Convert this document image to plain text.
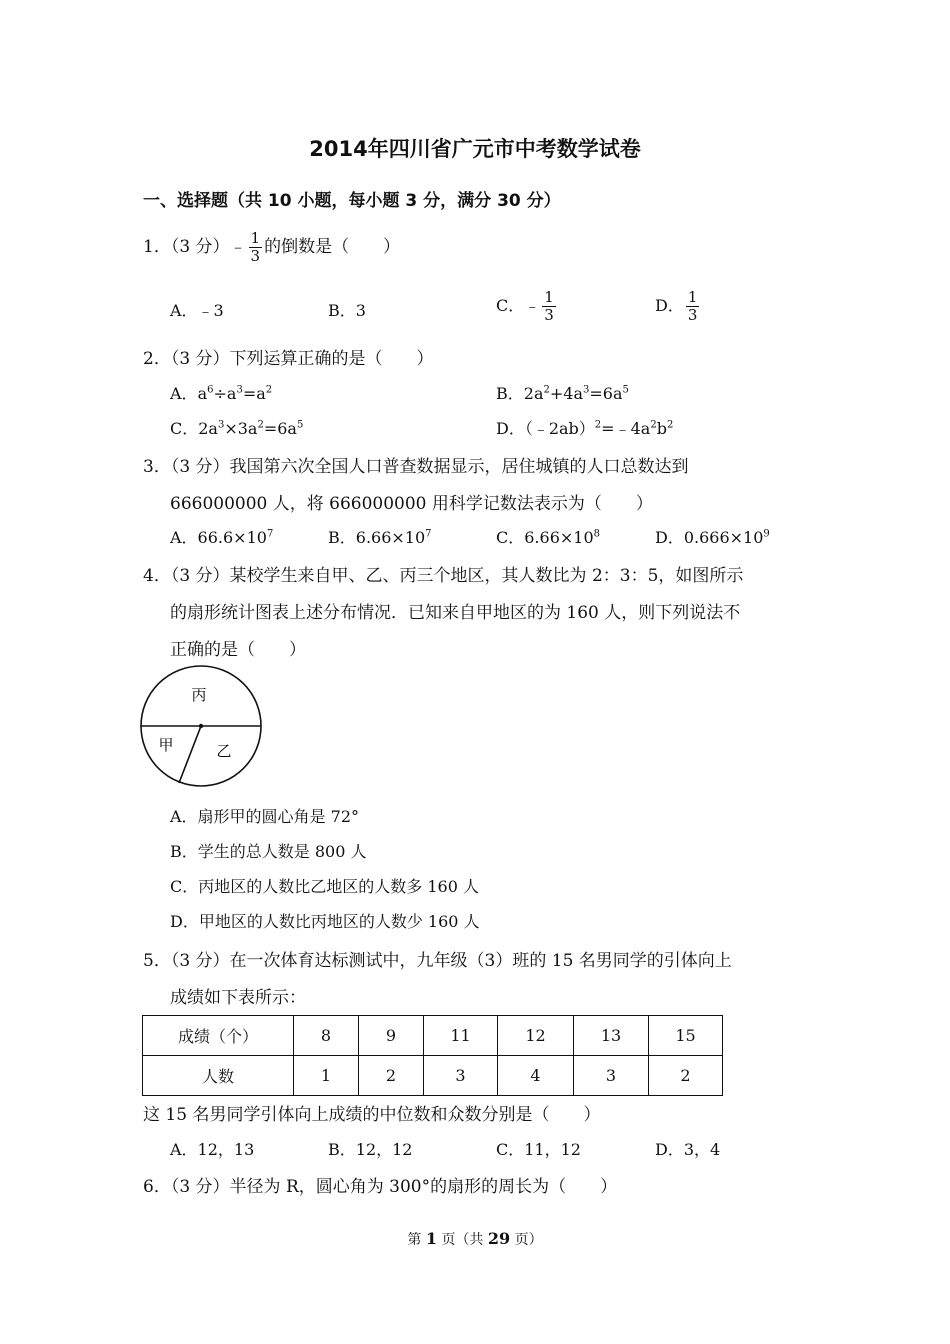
2014年四川省广元市中考数学试卷
一、选择题（共 10 小题，每小题 3 分，满分 30 分）
1．（3 分）﹣ $\frac{1}{3}$ 的倒数是（　　）
A．﹣3	B．3	C．﹣ $\frac{1}{3}$	D． $\frac{1}{3}$
2．（3 分）下列运算正确的是（　　）
A．$a^6\div a^3=a^2$	B．$2a^2+4a^3=6a^5$
C．$2a^3\times 3a^2=6a^5$	D．$(﹣2ab)^2=﹣4a^2b^2$
3．（3 分）我国第六次全国人口普查数据显示，居住城镇的人口总数达到
666000000 人，将 666000000 用科学记数法表示为（　　）
A．$66.6\times 10^7$	B．$6.66\times 10^7$	C．$6.66\times 10^8$	D．$0.666\times 10^9$
4．（3 分）某校学生来自甲、乙、丙三个地区，其人数比为 2：3：5，如图所示
的扇形统计图表上述分布情况．已知来自甲地区的为 160 人，则下列说法不
正确的是（　　）
丙
甲	乙
A．扇形甲的圆心角是 72°
B．学生的总人数是 800 人
C．丙地区的人数比乙地区的人数多 160 人
D．甲地区的人数比丙地区的人数少 160 人
5．（3 分）在一次体育达标测试中，九年级（3）班的 15 名男同学的引体向上
成绩如下表所示：
成绩（个）	8	9	11	12	13	15
人数	1	2	3	4	3	2
这 15 名男同学引体向上成绩的中位数和众数分别是（　　）
A．12，13	B．12，12	C．11，12	D．3，4
6．（3 分）半径为 R，圆心角为 300°的扇形的周长为（　　）
第 1 页（共 29 页）
